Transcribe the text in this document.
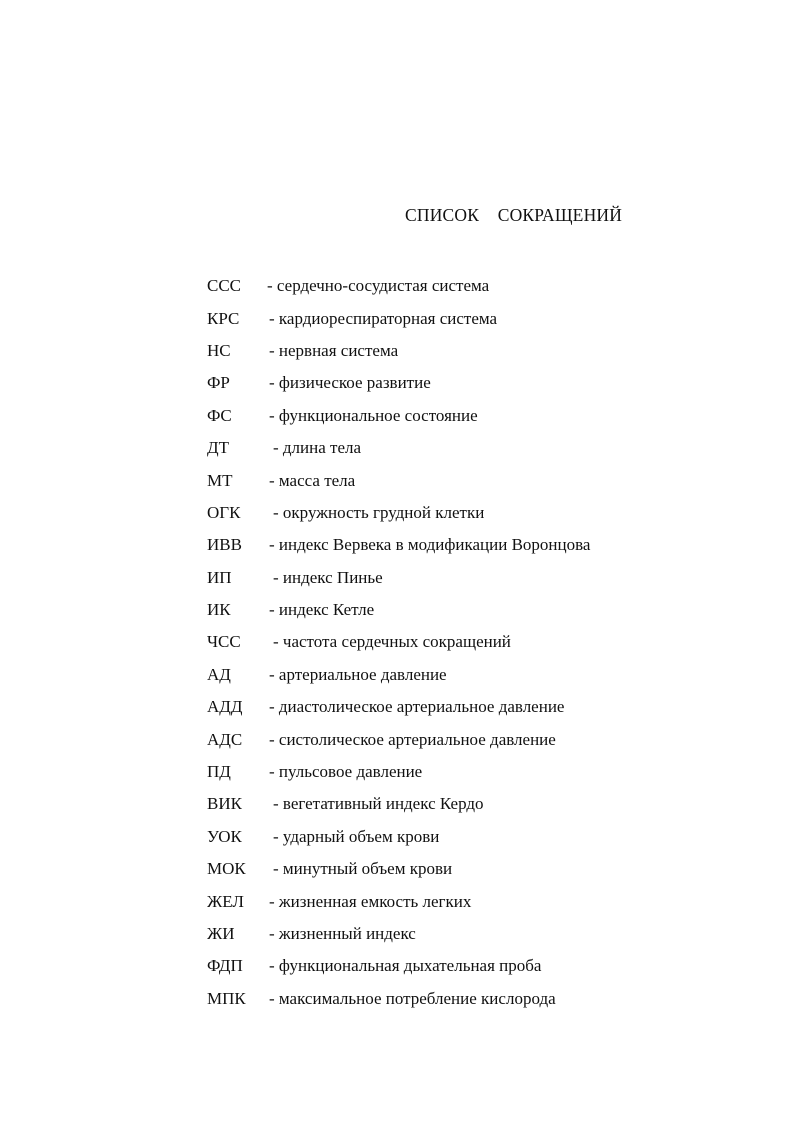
СПИСОК СОКРАЩЕНИЙ
ССС	- сердечно-сосудистая система
КРС	- кардиореспираторная система
НС	- нервная система
ФР	- физическое развитие
ФС	- функциональное состояние
ДТ	- длина тела
МТ	- масса тела
ОГК	- окружность грудной клетки
ИВВ	- индекс Вервека в модификации Воронцова
ИП	- индекс Пинье
ИК	- индекс Кетле
ЧСС	- частота сердечных сокращений
АД	- артериальное давление
АДД	- диастолическое артериальное давление
АДС	- систолическое артериальное давление
ПД	- пульсовое давление
ВИК	- вегетативный индекс Кердо
УОК	- ударный объем крови
МОК	- минутный объем крови
ЖЕЛ	- жизненная емкость легких
ЖИ	- жизненный индекс
ФДП	- функциональная дыхательная проба
МПК	- максимальное потребление кислорода
